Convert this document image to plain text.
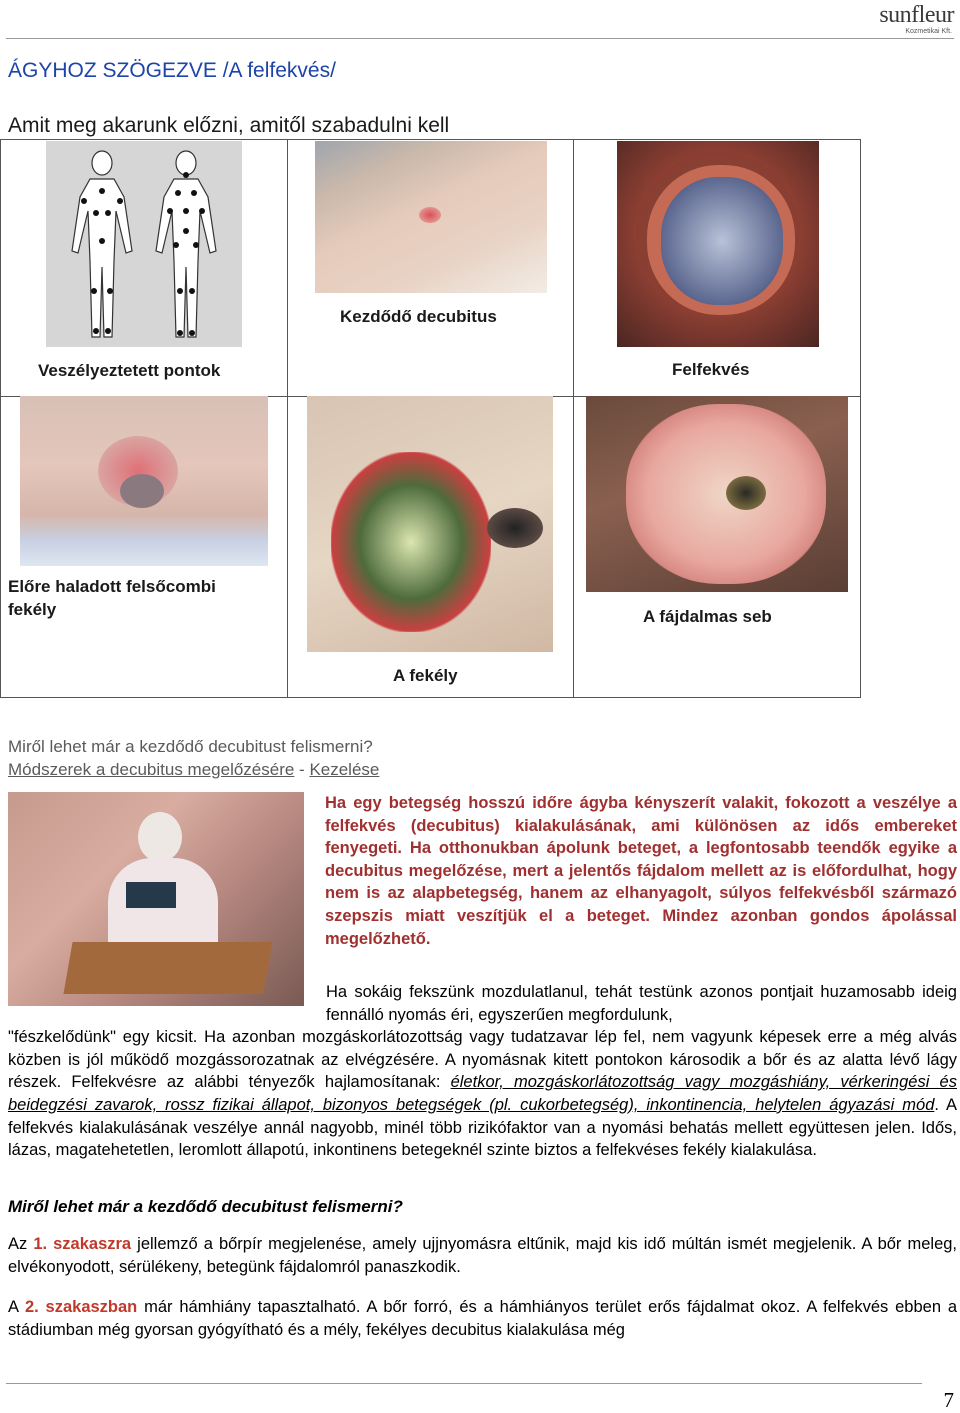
sunfleur
Kozmetikai Kft.
ÁGYHOZ SZÖGEZVE /A felfekvés/
Amit meg akarunk előzni, amitől szabadulni kell
Veszélyeztetett pontok
Kezdődő decubitus
Felfekvés
Előre haladott felsőcombi
fekély
A fekély
A fájdalmas seb
Miről lehet már a kezdődő decubitust felismerni?
Módszerek a decubitus megelőzésére - Kezelése
Ha egy betegség hosszú időre ágyba kényszerít valakit, fokozott a veszélye a felfekvés (decubitus) kialakulásának, ami különösen az idős embereket fenyegeti. Ha otthonukban ápolunk beteget, a legfontosabb teendők egyike a decubitus megelőzése, mert a jelentős fájdalom mellett az is előfordulhat, hogy nem is az alapbetegség, hanem az elhanyagolt, súlyos felfekvésből származó szepszis miatt veszítjük el a beteget. Mindez azonban gondos ápolással megelőzhető.
Ha sokáig fekszünk mozdulatlanul, tehát testünk azonos pontjait huzamosabb ideig fennálló nyomás éri, egyszerűen megfordulunk,
"fészkelődünk" egy kicsit. Ha azonban mozgáskorlátozottság vagy tudatzavar lép fel, nem vagyunk képesek erre a még alvás közben is jól működő mozgássorozatnak az elvégzésére. A nyomásnak kitett pontokon károsodik a bőr és az alatta lévő lágy részek. Felfekvésre az alábbi tényezők hajlamosítanak: életkor, mozgáskorlátozottság vagy mozgáshiány, vérkeringési és beidegzési zavarok, rossz fizikai állapot, bizonyos betegségek (pl. cukorbetegség), inkontinencia, helytelen ágyazási mód. A felfekvés kialakulásának veszélye annál nagyobb, minél több rizikófaktor van a nyomási behatás mellett együttesen jelen. Idős, lázas, magatehetetlen, leromlott állapotú, inkontinens betegeknél szinte biztos a felfekvéses fekély kialakulása.
Miről lehet már a kezdődő decubitust felismerni?
Az 1. szakaszra jellemző a bőrpír megjelenése, amely ujjnyomásra eltűnik, majd kis idő múltán ismét megjelenik. A bőr meleg, elvékonyodott, sérülékeny, betegünk fájdalomról panaszkodik.
A 2. szakaszban már hámhiány tapasztalható. A bőr forró, és a hámhiányos terület erős fájdalmat okoz. A felfekvés ebben a stádiumban még gyorsan gyógyítható és a mély, fekélyes decubitus kialakulása még
7
